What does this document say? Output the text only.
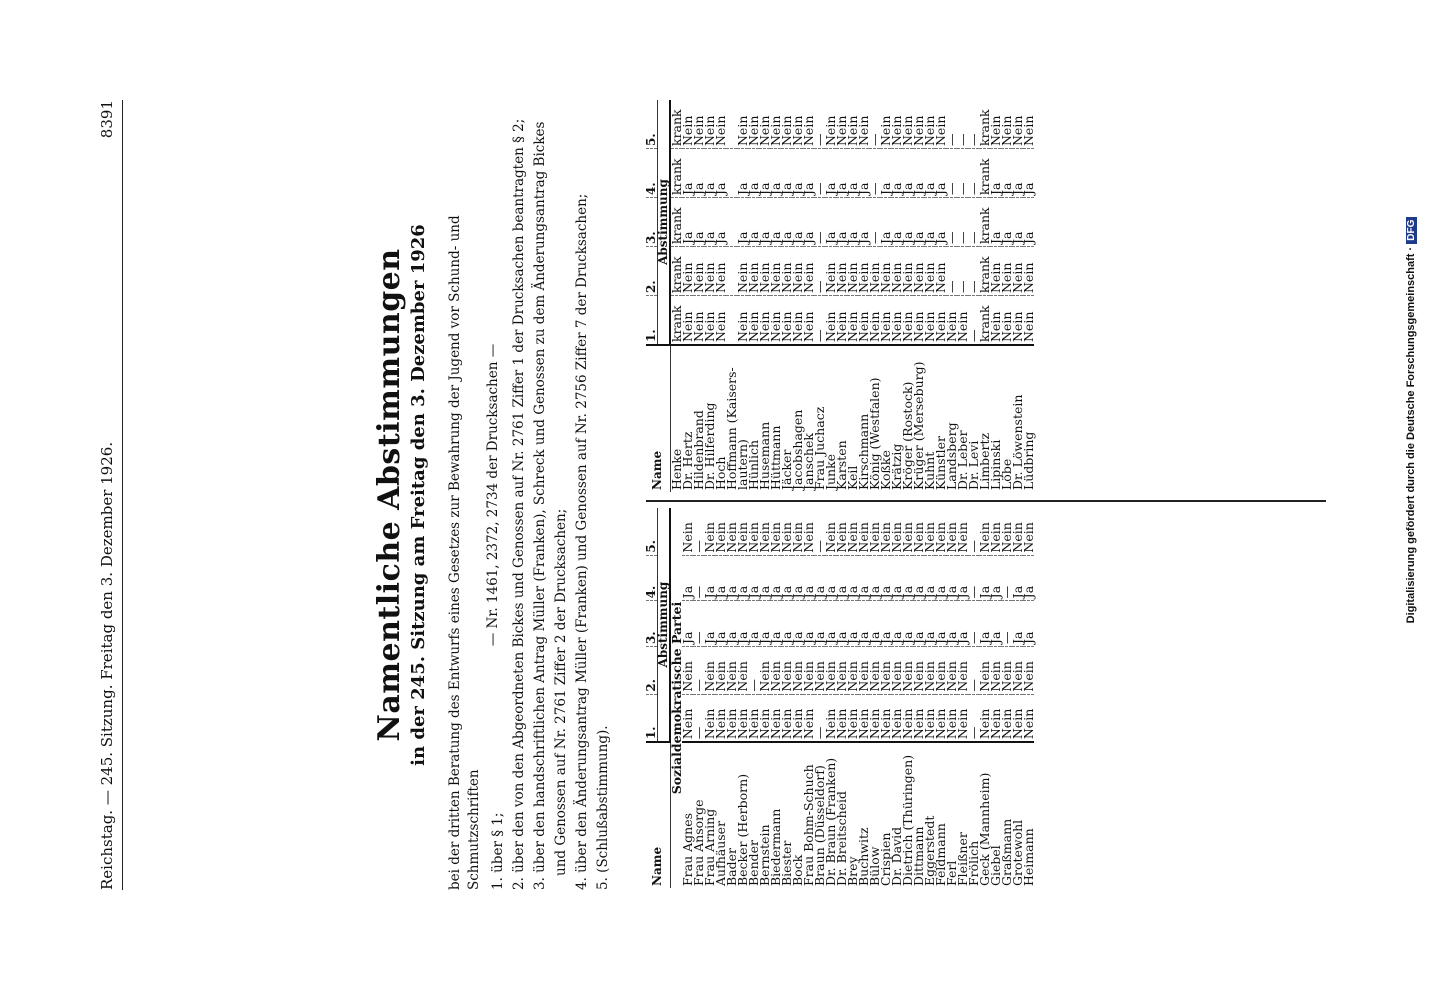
Reichstag. — 245. Sitzung. Freitag den 3. Dezember 1926.
8391
Namentliche Abstimmungen in der 245. Sitzung am Freitag den 3. Dezember 1926 bei der dritten Beratung des Entwurfs eines Gesetzes zur Bewahrung der Jugend vor Schund- und Schmutzschriften
— Nr. 1461, 2372, 2734 der Drucksachen —
1. über § 1; 2. über den von den Abgeordneten Bickes und Genossen auf Nr. 2761 Ziffer 1 der Drucksachen beantragten § 2; 3. über den handschriftlichen Antrag Müller (Franken), Schreck und Genossen zu dem Änderungsantrag Bickes und Genossen auf Nr. 2761 Ziffer 2 der Drucksachen; 4. über den Änderungsantrag Müller (Franken) und Genossen auf Nr. 2756 Ziffer 7 der Drucksachen; 5. (Schlußabstimmung).	Name	1.	2.	3.	4.	5.
	Abstimmung				
Sozialdemokratische Partei					
Frau Agnes	Nein	Nein	Ja	Ja	Nein
Frau Ansorge	—	—	—	—	—
Frau Arning	Nein	Nein	Ja	Ja	Nein
Aufhäuser	Nein	Nein	Ja	Ja	Nein
Bader	Nein	Nein	Ja	Ja	Nein
Becker (Herborn)	Nein	Nein	Ja	Ja	Nein
Bender	Nein	—	Ja	Ja	Nein
Bernstein	Nein	Nein	Ja	Ja	Nein
Biedermann	Nein	Nein	Ja	Ja	Nein
Biester	Nein	Nein	Ja	Ja	Nein
Bock	Nein	Nein	Ja	Ja	Nein
Frau Bohm-Schuch	Nein	Nein	Ja	Ja	Nein
Braun (Düsseldorf)	—	Nein	Ja	Ja	—
Dr. Braun (Franken)	Nein	Nein	Ja	Ja	Nein
Dr. Breitscheid	Nein	Nein	Ja	Ja	Nein
Brey	Nein	Nein	Ja	Ja	Nein
Buchwitz	Nein	Nein	Ja	Ja	Nein
Bülow	Nein	Nein	Ja	Ja	Nein
Crispien	Nein	Nein	Ja	Ja	Nein
Dr. David	Nein	Nein	Ja	Ja	Nein
Dietrich (Thüringen)	Nein	Nein	Ja	Ja	Nein
Dittmann	Nein	Nein	Ja	Ja	Nein
Eggerstedt	Nein	Nein	Ja	Ja	Nein
Feldmann	Nein	Nein	Ja	Ja	Nein
Ferl	Nein	Nein	Ja	Ja	Nein
Fleißner	Nein	Nein	Ja	Ja	Nein
Frölich	—	—	—	—	—
Geck (Mannheim)	Nein	Nein	Ja	Ja	Nein
Giebel	Nein	Nein	Ja	Ja	Nein
Graßmann	Nein	Nein	—	—	Nein
Grotewohl	Nein	Nein	Ja	Ja	Nein
Heimann	Nein	Nein	Ja	Ja	Nein
Name	1.	2.	3.	4.	5.
	Abstimmung				
Henke	krank	krank	krank	krank	krank
Dr. Hertz	Nein	Nein	Ja	Ja	Nein
Hildenbrand	Nein	Nein	Ja	Ja	Nein
Dr. Hilferding	Nein	Nein	Ja	Ja	Nein
Hoch	Nein	Nein	Ja	Ja	Nein
Hoffmann (Kaisers-					
lautern)	Nein	Nein	Ja	Ja	Nein
Hünlich	Nein	Nein	Ja	Ja	Nein
Husemann	Nein	Nein	Ja	Ja	Nein
Hüttmann	Nein	Nein	Ja	Ja	Nein
Jäcker	Nein	Nein	Ja	Ja	Nein
Jacobshagen	Nein	Nein	Ja	Ja	Nein
Janschek	Nein	Nein	Ja	Ja	Nein
Frau Juchacz	—	—	—	—	—
Junke	Nein	Nein	Ja	Ja	Nein
Karsten	Nein	Nein	Ja	Ja	Nein
Keil	Nein	Nein	Ja	Ja	Nein
Kirschmann	Nein	Nein	Ja	Ja	Nein
König (Westfalen)	Nein	Nein	—	—	—
Koßke	Nein	Nein	Ja	Ja	Nein
Krätzig	Nein	Nein	Ja	Ja	Nein
Kröger (Rostock)	Nein	Nein	Ja	Ja	Nein
Krüger (Merseburg)	Nein	Nein	Ja	Ja	Nein
Kuhnt	Nein	Nein	Ja	Ja	Nein
Künstler	Nein	Nein	Ja	Ja	Nein
Landsberg	Nein	—	—	—	—
Dr. Leber	Nein	—	—	—	—
Dr. Levi	—	—	—	—	—
Limbertz	krank	krank	krank	krank	krank
Lipinski	Nein	Nein	Ja	Ja	Nein
Löbe	Nein	Nein	Ja	Ja	Nein
Dr. Löwenstein	Nein	Nein	Ja	Ja	Nein
Lüdbring	Nein	Nein	Ja	Ja	Nein
Digitalisierung gefördert durch die Deutsche Forschungsgemeinschaft · DFG
